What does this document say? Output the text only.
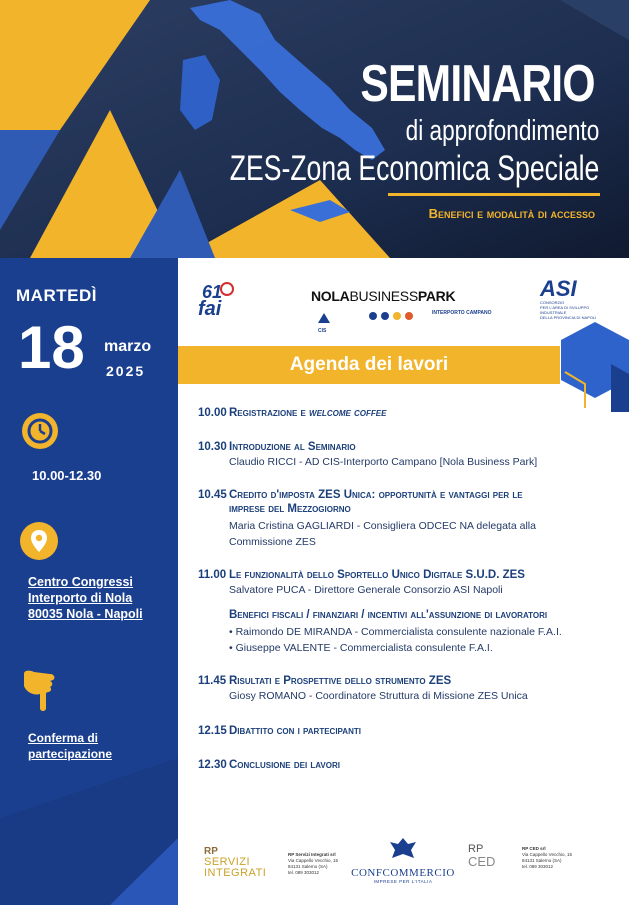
SEMINARIO
di approfondimento
ZES-Zona Economica Speciale
Benefici e modalità di accesso
MARTEDÌ
18 marzo
2025
10.00-12.30
Centro Congressi
Interporto di Nola
80035 Nola - Napoli
Conferma di
partecipazione
61
fai
NOLABUSINESSPARK
CIS
INTERPORTO CAMPANO
ASI
CONSORZIO
PER L'AREA DI SVILUPPO
INDUSTRIALE
DELLA PROVINCIA DI NAPOLI
Agenda dei lavori
10.00 Registrazione e welcome coffee
10.30 Introduzione al Seminario
Claudio RICCI - AD CIS-Interporto Campano [Nola Business Park]
10.45 Credito d'imposta ZES Unica: opportunità e vantaggi per le
imprese del Mezzogiorno
Maria Cristina GAGLIARDI - Consigliera ODCEC NA delegata alla
Commissione ZES
11.00 Le funzionalità dello Sportello Unico Digitale S.U.D. ZES
Salvatore PUCA - Direttore Generale Consorzio ASI Napoli
Benefici fiscali / finanziari / incentivi all'assunzione di lavoratori
• Raimondo DE MIRANDA - Commercialista consulente nazionale F.A.I.
• Giuseppe VALENTE - Commercialista consulente F.A.I.
11.45 Risultati e Prospettive dello strumento ZES
Giosy ROMANO - Coordinatore Struttura di Missione ZES Unica
12.15 Dibattito con i partecipanti
12.30 Conclusione dei lavori
RP
SERVIZI
INTEGRATI
RP Servizi Integrati srl
Via Cappello Vecchio, 15
84131 Salerno (SA)
tel. 089 303012	CONFCOMMERCIO
IMPRESE PER L'ITALIA
RP
CED
RP CED srl
Via Cappello Vecchio, 15
84131 Salerno (SA)
tel. 089 303012
